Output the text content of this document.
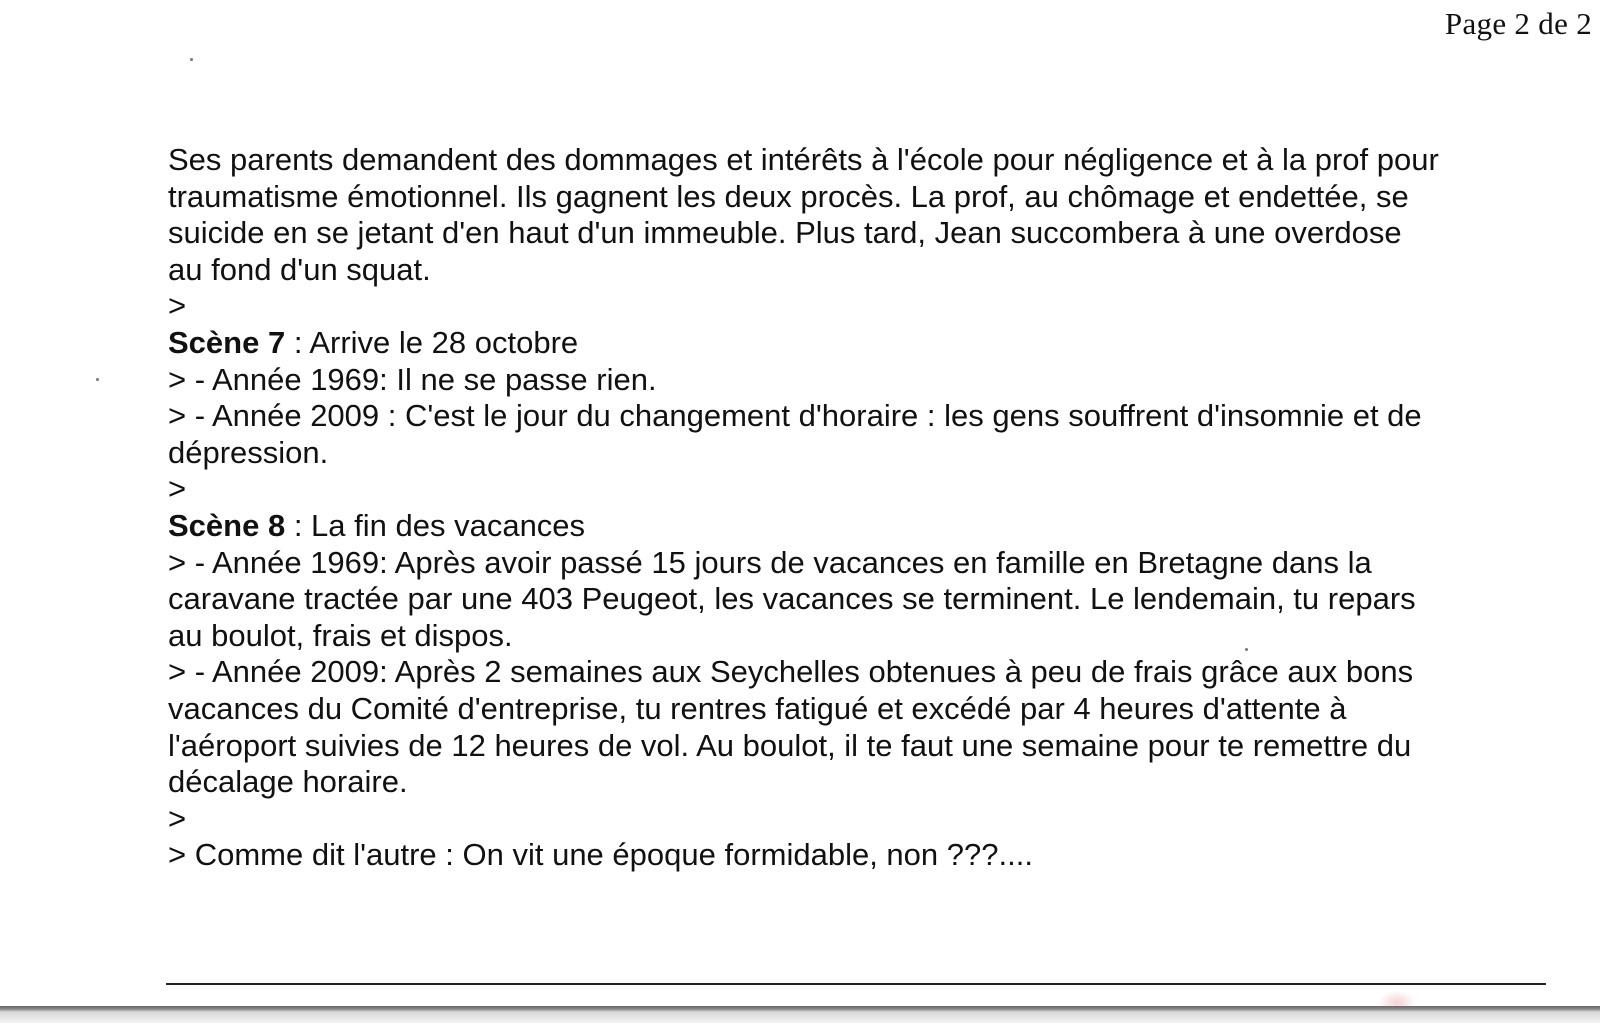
Page 2 de 2
Ses parents demandent des dommages et intérêts à l'école pour négligence et à la prof pour
traumatisme émotionnel. Ils gagnent les deux procès. La prof, au chômage et endettée, se
suicide en se jetant d'en haut d'un immeuble. Plus tard, Jean succombera à une overdose
au fond d'un squat.
>
Scène 7 : Arrive le 28 octobre
> - Année 1969: Il ne se passe rien.
> - Année 2009 : C'est le jour du changement d'horaire : les gens souffrent d'insomnie et de
dépression.
>
Scène 8 : La fin des vacances
> - Année 1969: Après avoir passé 15 jours de vacances en famille en Bretagne dans la
caravane tractée par une 403 Peugeot, les vacances se terminent. Le lendemain, tu repars
au boulot, frais et dispos.
> - Année 2009: Après 2 semaines aux Seychelles obtenues à peu de frais grâce aux bons
vacances du Comité d'entreprise, tu rentres fatigué et excédé par 4 heures d'attente à
l'aéroport suivies de 12 heures de vol. Au boulot, il te faut une semaine pour te remettre du
décalage horaire.
>
> Comme dit l'autre : On vit une époque formidable, non ???....
